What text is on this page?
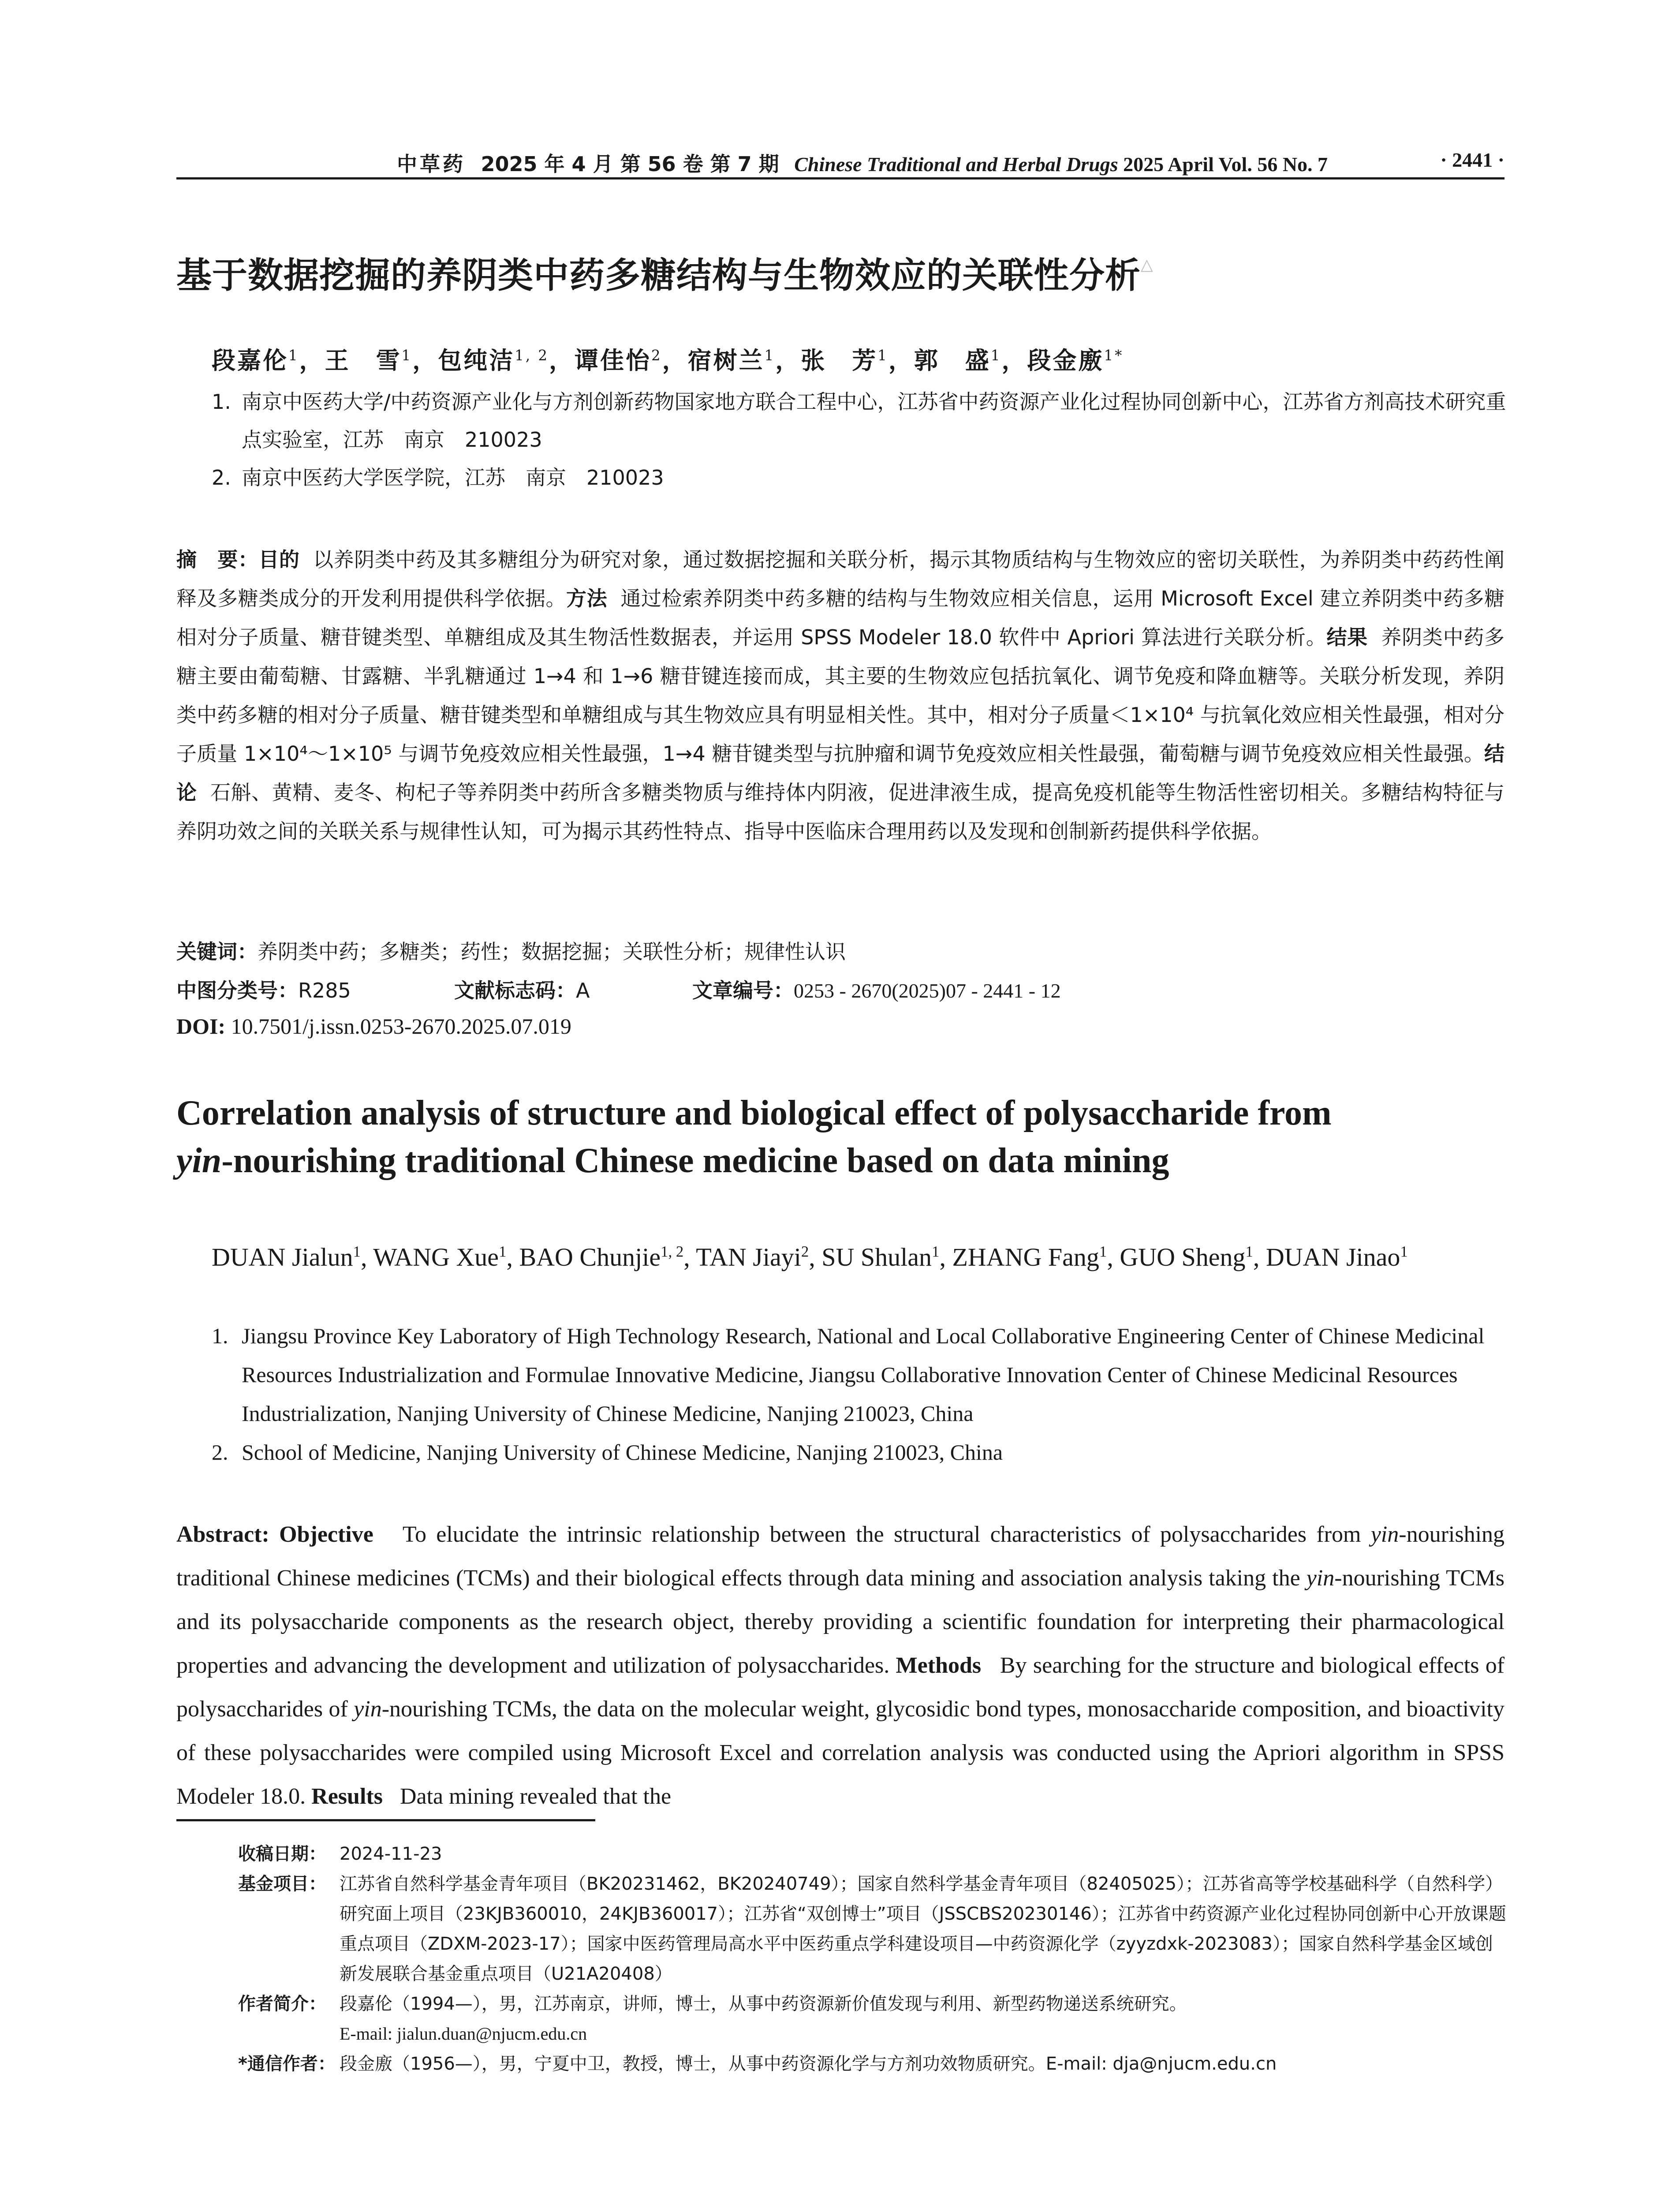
中草药 2025 年 4 月 第 56 卷 第 7 期 Chinese Traditional and Herbal Drugs 2025 April Vol. 56 No. 7	· 2441 ·
基于数据挖掘的养阴类中药多糖结构与生物效应的关联性分析△
段嘉伦$^1$，王　雪$^1$，包纯洁$^{1, 2}$，谭佳怡$^2$，宿树兰$^1$，张　芳$^1$，郭　盛$^1$，段金廒$^{1*}$
1. 南京中医药大学/中药资源产业化与方剂创新药物国家地方联合工程中心，江苏省中药资源产业化过程协同创新中心，江苏省方剂高技术研究重点实验室，江苏　南京　210023
2. 南京中医药大学医学院，江苏　南京　210023
摘　要：目的 以养阴类中药及其多糖组分为研究对象，通过数据挖掘和关联分析，揭示其物质结构与生物效应的密切关联性，为养阴类中药药性阐释及多糖类成分的开发利用提供科学依据。方法 通过检索养阴类中药多糖的结构与生物效应相关信息，运用 Microsoft Excel 建立养阴类中药多糖相对分子质量、糖苷键类型、单糖组成及其生物活性数据表，并运用 SPSS Modeler 18.0 软件中 Apriori 算法进行关联分析。结果 养阴类中药多糖主要由葡萄糖、甘露糖、半乳糖通过 1→4 和 1→6 糖苷键连接而成，其主要的生物效应包括抗氧化、调节免疫和降血糖等。关联分析发现，养阴类中药多糖的相对分子质量、糖苷键类型和单糖组成与其生物效应具有明显相关性。其中，相对分子质量＜1×10⁴ 与抗氧化效应相关性最强，相对分子质量 1×10⁴～1×10⁵ 与调节免疫效应相关性最强，1→4 糖苷键类型与抗肿瘤和调节免疫效应相关性最强，葡萄糖与调节免疫效应相关性最强。结论 石斛、黄精、麦冬、枸杞子等养阴类中药所含多糖类物质与维持体内阴液，促进津液生成，提高免疫机能等生物活性密切相关。多糖结构特征与养阴功效之间的关联关系与规律性认知，可为揭示其药性特点、指导中医临床合理用药以及发现和创制新药提供科学依据。
关键词：养阴类中药；多糖类；药性；数据挖掘；关联性分析；规律性认识
中图分类号：R285	文献标志码：A	文章编号：0253 - 2670(2025)07 - 2441 - 12
DOI: 10.7501/j.issn.0253-2670.2025.07.019
Correlation analysis of structure and biological effect of polysaccharide from
yin-nourishing traditional Chinese medicine based on data mining
DUAN Jialun$^1$, WANG Xue$^1$, BAO Chunjie$^{1, 2}$, TAN Jiayi$^2$, SU Shulan$^1$, ZHANG Fang$^1$, GUO Sheng$^1$, DUAN Jinao$^1$
1. Jiangsu Province Key Laboratory of High Technology Research, National and Local Collaborative Engineering Center of Chinese Medicinal Resources Industrialization and Formulae Innovative Medicine, Jiangsu Collaborative Innovation Center of Chinese Medicinal Resources Industrialization, Nanjing University of Chinese Medicine, Nanjing 210023, China
2. School of Medicine, Nanjing University of Chinese Medicine, Nanjing 210023, China
Abstract: Objective To elucidate the intrinsic relationship between the structural characteristics of polysaccharides from yin-nourishing traditional Chinese medicines (TCMs) and their biological effects through data mining and association analysis taking the yin-nourishing TCMs and its polysaccharide components as the research object, thereby providing a scientific foundation for interpreting their pharmacological properties and advancing the development and utilization of polysaccharides. Methods By searching for the structure and biological effects of polysaccharides of yin-nourishing TCMs, the data on the molecular weight, glycosidic bond types, monosaccharide composition, and bioactivity of these polysaccharides were compiled using Microsoft Excel and correlation analysis was conducted using the Apriori algorithm in SPSS Modeler 18.0. Results Data mining revealed that the
收稿日期： 2024-11-23
基金项目： 江苏省自然科学基金青年项目（BK20231462，BK20240749）；国家自然科学基金青年项目（82405025）；江苏省高等学校基础科学（自然科学）研究面上项目（23KJB360010，24KJB360017）；江苏省“双创博士”项目（JSSCBS20230146）；江苏省中药资源产业化过程协同创新中心开放课题重点项目（ZDXM-2023-17）；国家中医药管理局高水平中医药重点学科建设项目—中药资源化学（zyyzdxk-2023083）；国家自然科学基金区域创新发展联合基金重点项目（U21A20408）
作者简介： 段嘉伦（1994—），男，江苏南京，讲师，博士，从事中药资源新价值发现与利用、新型药物递送系统研究。
E-mail: jialun.duan@njucm.edu.cn
*通信作者： 段金廒（1956—），男，宁夏中卫，教授，博士，从事中药资源化学与方剂功效物质研究。E-mail: dja@njucm.edu.cn
